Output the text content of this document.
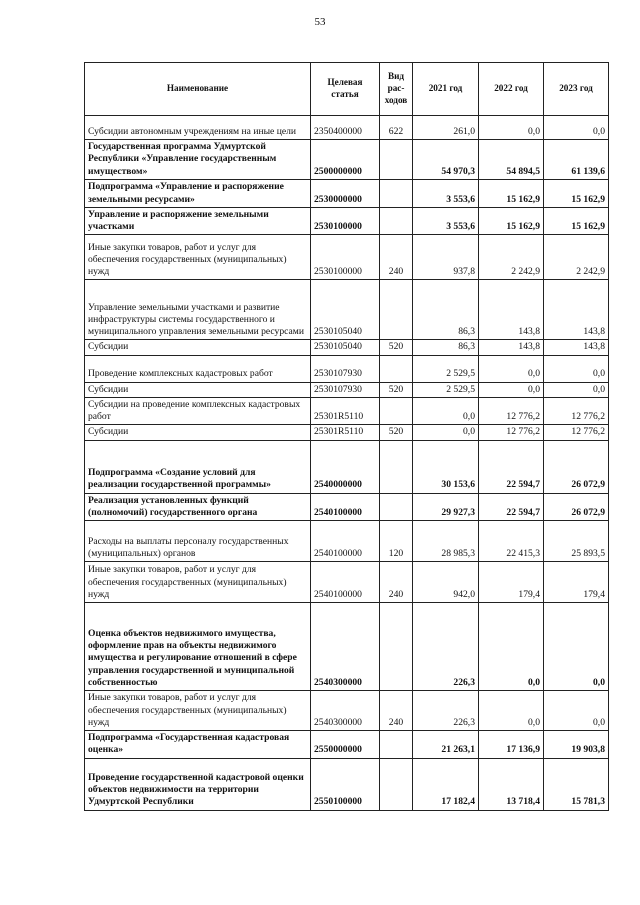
53
Наименование	Целевая статья	Вид рас-ходов	2021 год	2022 год	2023 год
Субсидии автономным учреждениям на иные цели	2350400000	622	261,0	0,0	0,0
Государственная программа Удмуртской Республики «Управление государственным имуществом»	2500000000		54 970,3	54 894,5	61 139,6
Подпрограмма «Управление и распоряжение земельными ресурсами»	2530000000		3 553,6	15 162,9	15 162,9
Управление и распоряжение земельными участками	2530100000		3 553,6	15 162,9	15 162,9
Иные закупки товаров, работ и услуг для обеспечения государственных (муниципальных) нужд	2530100000	240	937,8	2 242,9	2 242,9
Управление земельными участками и развитие инфраструктуры системы государственного и муниципального управления земельными ресурсами	2530105040		86,3	143,8	143,8
Субсидии	2530105040	520	86,3	143,8	143,8
Проведение комплексных кадастровых работ	2530107930		2 529,5	0,0	0,0
Субсидии	2530107930	520	2 529,5	0,0	0,0
Субсидии на проведение комплексных кадастровых работ	25301R5110		0,0	12 776,2	12 776,2
Субсидии	25301R5110	520	0,0	12 776,2	12 776,2
Подпрограмма «Создание условий для реализации государственной программы»	2540000000		30 153,6	22 594,7	26 072,9
Реализация установленных функций (полномочий) государственного органа	2540100000		29 927,3	22 594,7	26 072,9
Расходы на выплаты персоналу государственных (муниципальных) органов	2540100000	120	28 985,3	22 415,3	25 893,5
Иные закупки товаров, работ и услуг для обеспечения государственных (муниципальных) нужд	2540100000	240	942,0	179,4	179,4
Оценка объектов недвижимого имущества, оформление прав на объекты недвижимого имущества и регулирование отношений в сфере управления государственной и муниципальной собственностью	2540300000		226,3	0,0	0,0
Иные закупки товаров, работ и услуг для обеспечения государственных (муниципальных) нужд	2540300000	240	226,3	0,0	0,0
Подпрограмма «Государственная кадастровая оценка»	2550000000		21 263,1	17 136,9	19 903,8
Проведение государственной кадастровой оценки объектов недвижимости на территории Удмуртской Республики	2550100000		17 182,4	13 718,4	15 781,3
